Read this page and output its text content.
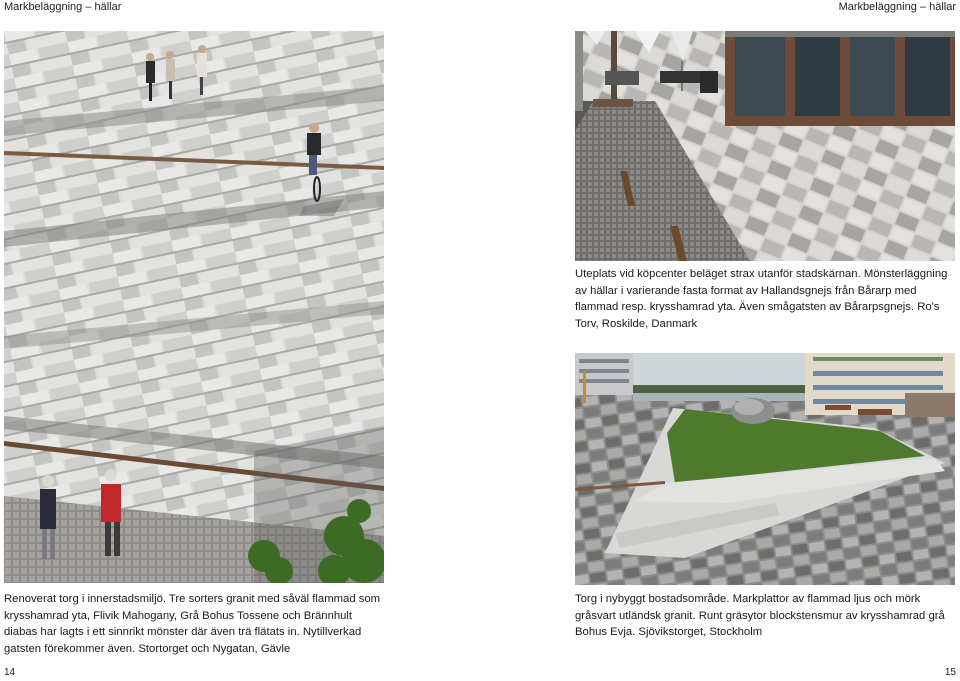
Markbeläggning – hällar	Markbeläggning – hällar
Uteplats vid köpcenter beläget strax utanför stadskärnan. Mönsterläggning av hällar i varierande fasta format av Hallandsgnejs från Bårarp med flammad resp. krysshamrad yta. Även smågatsten av Bårarpsgnejs. Ro's Torv, Roskilde, Danmark
Renoverat torg i innerstadsmiljö. Tre sorters granit med såväl flammad som krysshamrad yta, Flivik Mahogany, Grå Bohus Tossene och Brännhult diabas har lagts i ett sinnrikt mönster där även trä flätats in. Nytillverkad gatsten förekommer även. Stortorget och Nygatan, Gävle
Torg i nybyggt bostadsområde. Markplattor av flammad ljus och mörk gråsvart utländsk granit. Runt gräsytor blockstensmur av krysshamrad grå Bohus Evja. Sjövikstorget, Stockholm
14	15
